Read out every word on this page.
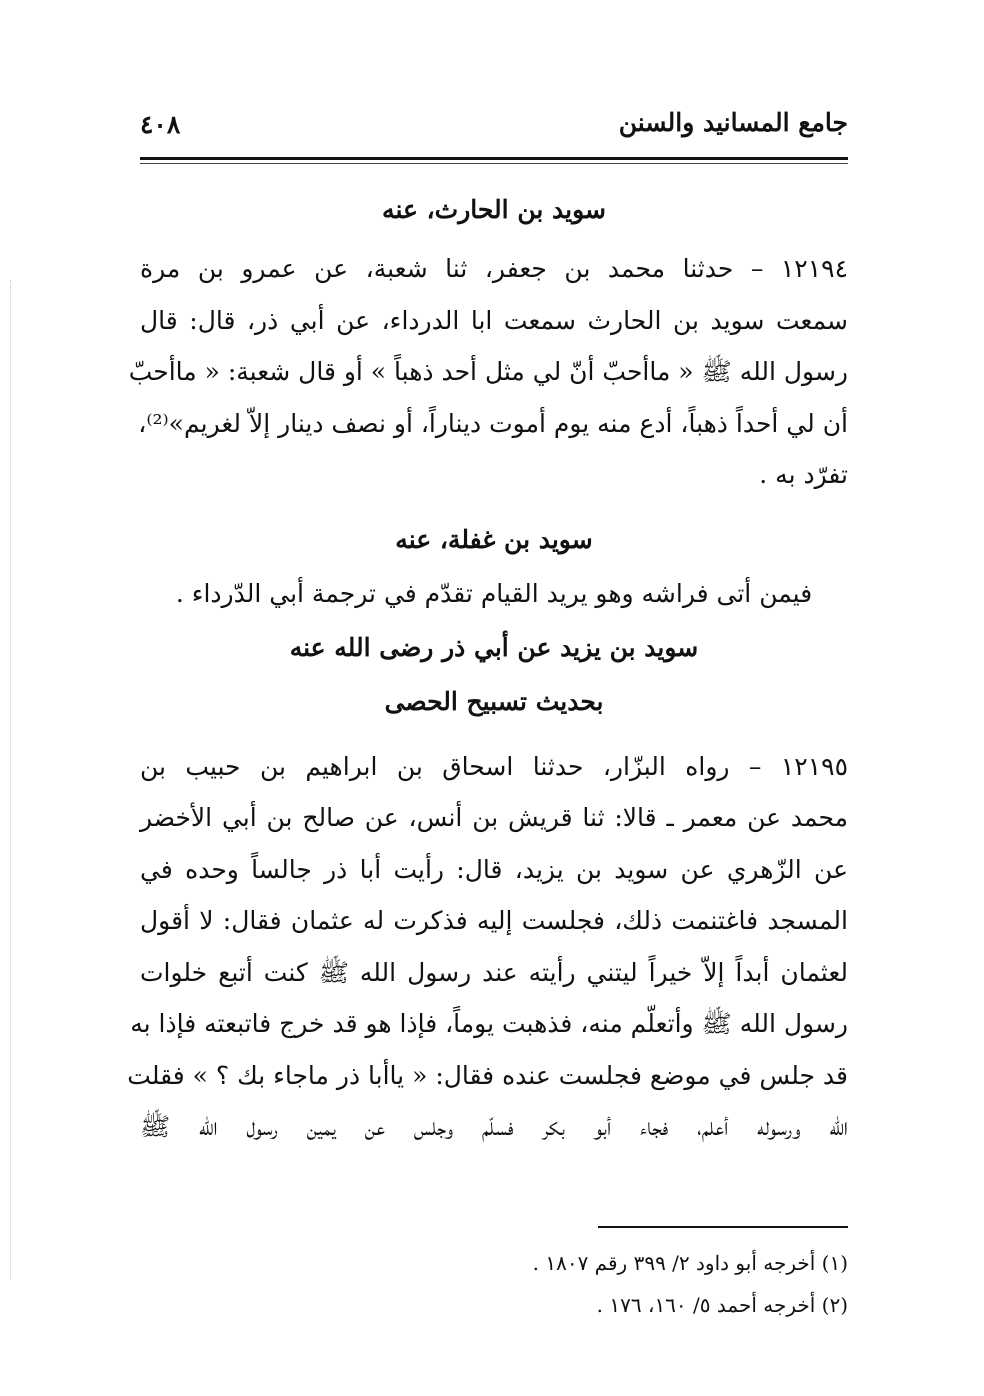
جامع المسانيد والسنن
٤٠٨
سويد بن الحارث، عنه
١٢١٩٤ – حدثنا محمد بن جعفر، ثنا شعبة، عن عمرو بن مرة
سمعت سويد بن الحارث سمعت ابا الدرداء، عن أبي ذر، قال: قال
رسول الله ﷺ « ماأحبّ أنّ لي مثل أحد ذهباً » أو قال شعبة: « ماأحبّ
أن لي أحداً ذهباً، أدع منه يوم أموت ديناراً، أو نصف دينار إلاّ لغريم»⁽²⁾،
تفرّد به .
سويد بن غفلة، عنه
فيمن أتى فراشه وهو يريد القيام تقدّم في ترجمة أبي الدّرداء .
سويد بن يزيد عن أبي ذر رضى الله عنه
بحديث تسبيح الحصى
١٢١٩٥ – رواه البزّار، حدثنا اسحاق بن ابراهيم بن حبيب بن
محمد عن معمر ـ قالا: ثنا قريش بن أنس، عن صالح بن أبي الأخضر
عن الزّهري عن سويد بن يزيد، قال: رأيت أبا ذر جالساً وحده في
المسجد فاغتنمت ذلك، فجلست إليه فذكرت له عثمان فقال: لا أقول
لعثمان أبداً إلاّ خيراً ليتني رأيته عند رسول الله ﷺ كنت أتبع خلوات
رسول الله ﷺ وأتعلّم منه، فذهبت يوماً، فإذا هو قد خرج فاتبعته فإذا به
قد جلس في موضع فجلست عنده فقال: « ياأبا ذر ماجاء بك ؟ » فقلت
الله ورسوله أعلم، فجاء أبو بكر فسلّم وجلس عن يمين رسول الله ﷺ
(١) أخرجه أبو داود ٢/ ٣٩٩ رقم ١٨٠٧ .
(٢) أخرجه أحمد ٥/ ١٦٠، ١٧٦ .
